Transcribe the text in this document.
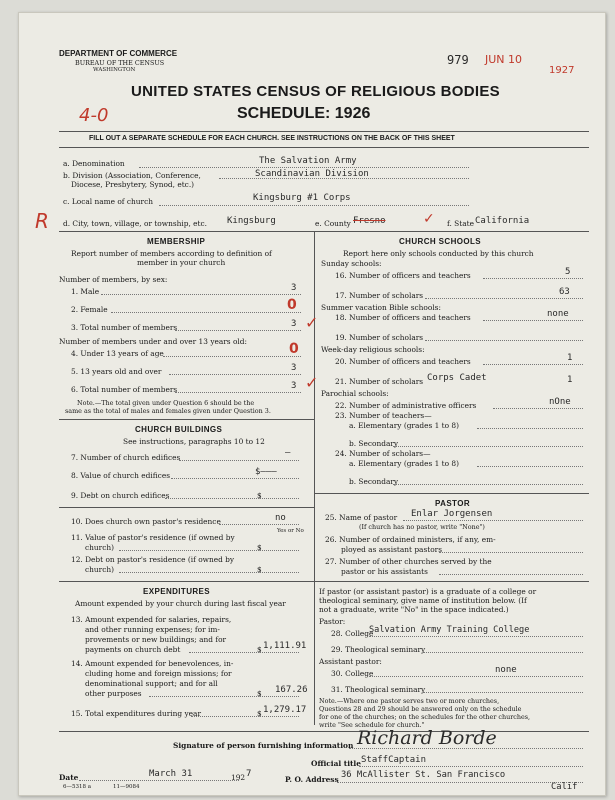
DEPARTMENT OF COMMERCE
BUREAU OF THE CENSUS
WASHINGTON
979 JUN 10
1927
4-0
UNITED STATES CENSUS OF RELIGIOUS BODIES
SCHEDULE: 1926
FILL OUT A SEPARATE SCHEDULE FOR EACH CHURCH. SEE INSTRUCTIONS ON THE BACK OF THIS SHEET
a. Denomination	The Salvation Army
b. Division (Association, Conference,
Diocese, Presbytery, Synod, etc.)
Scandinavian Division
c. Local name of church	Kingsburg #1 Corps
R d. City, town, village, or township, etc. Kingsburg	e. County Fresno	✓ f. State California
MEMBERSHIP
Report number of members according to definition of
member in your church
Number of members, by sex:
1. Male	3
2. Female	0
3. Total number of members	3 ✓
Number of members under and over 13 years old:
4. Under 13 years of age	0
5. 13 years old and over	3
6. Total number of members	3 ✓
Note.—The total given under Question 6 should be the
same as the total of males and females given under Question 3.
CHURCH BUILDINGS
See instructions, paragraphs 10 to 12
7. Number of church edifices	—
8. Value of church edifices	$———
9. Debt on church edifices	$
10. Does church own pastor's residence	no
Yes or No
11. Value of pastor's residence (if owned by
church)	$
12. Debt on pastor's residence (if owned by
church)	$
EXPENDITURES
Amount expended by your church during last fiscal year
13. Amount expended for salaries, repairs,
and other running expenses; for im-
provements or new buildings; and for
payments on church debt	$ 1,111.91
14. Amount expended for benevolences, in-
cluding home and foreign missions; for
denominational support; and for all
other purposes	$ 167.26
15. Total expenditures during year	$ 1,279.17
CHURCH SCHOOLS
Report here only schools conducted by this church
Sunday schools:
16. Number of officers and teachers	5
17. Number of scholars	63
Summer vacation Bible schools:
18. Number of officers and teachers	none
19. Number of scholars
Week-day religious schools:
20. Number of officers and teachers	1
21. Number of scholars Corps Cadet	1
Parochial schools:
22. Number of administrative officers	nOne
23. Number of teachers—
a. Elementary (grades 1 to 8)
b. Secondary
24. Number of scholars—
a. Elementary (grades 1 to 8)
b. Secondary
PASTOR
25. Name of pastor Enlar Jorgensen
(If church has no pastor, write "None")
26. Number of ordained ministers, if any, em-
ployed as assistant pastors
27. Number of other churches served by the
pastor or his assistants
If pastor (or assistant pastor) is a graduate of a college or
theological seminary, give name of institution below. (If
not a graduate, write "No" in the space indicated.)
Pastor:
28. College
Salvation Army Training College
29. Theological seminary
Assistant pastor:
30. College	none
31. Theological seminary
Note.—Where one pastor serves two or more churches,
Questions 28 and 29 should be answered only on the schedule
for one of the churches; on the schedules for the other churches,
write "See schedule for church."
Signature of person furnishing information Richard Borde
Official title StaffCaptain
Date	March 31	192 7
6—5318 a	11—9084
P. O. Address 36 McAllister St. San Francisco
Calif
